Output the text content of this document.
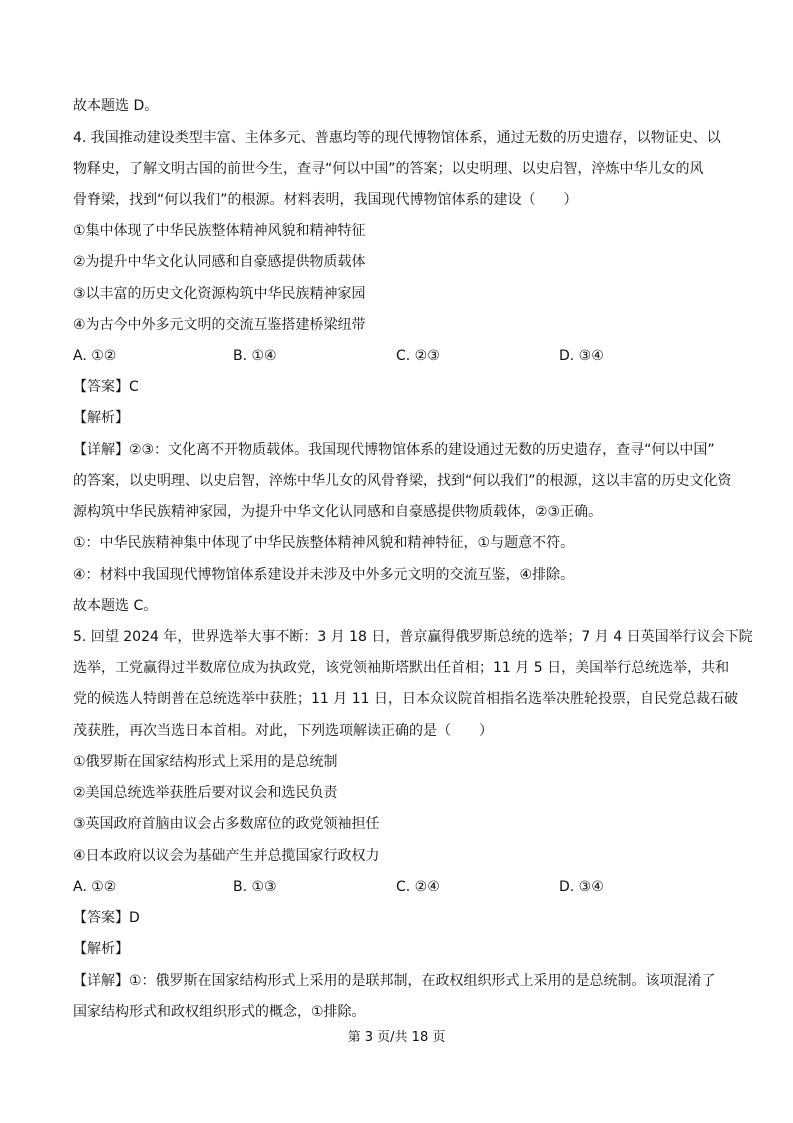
故本题选 D。
4. 我国推动建设类型丰富、主体多元、普惠均等的现代博物馆体系，通过无数的历史遗存，以物证史、以
物释史，了解文明古国的前世今生，查寻“何以中国”的答案；以史明理、以史启智，淬炼中华儿女的风
骨脊梁，找到“何以我们”的根源。材料表明，我国现代博物馆体系的建设（　　）
①集中体现了中华民族整体精神风貌和精神特征
②为提升中华文化认同感和自豪感提供物质载体
③以丰富的历史文化资源构筑中华民族精神家园
④为古今中外多元文明的交流互鉴搭建桥梁纽带
A. ①②	B. ①④	C. ②③	D. ③④
【答案】C
【解析】
【详解】②③：文化离不开物质载体。我国现代博物馆体系的建设通过无数的历史遗存，查寻“何以中国”
的答案，以史明理、以史启智，淬炼中华儿女的风骨脊梁，找到“何以我们”的根源，这以丰富的历史文化资
源构筑中华民族精神家园，为提升中华文化认同感和自豪感提供物质载体，②③正确。
①：中华民族精神集中体现了中华民族整体精神风貌和精神特征，①与题意不符。
④：材料中我国现代博物馆体系建设并未涉及中外多元文明的交流互鉴，④排除。
故本题选 C。
5. 回望 2024 年，世界选举大事不断：3 月 18 日，普京赢得俄罗斯总统的选举；7 月 4 日英国举行议会下院
选举，工党赢得过半数席位成为执政党，该党领袖斯塔默出任首相；11 月 5 日，美国举行总统选举，共和
党的候选人特朗普在总统选举中获胜；11 月 11 日，日本众议院首相指名选举决胜轮投票，自民党总裁石破
茂获胜，再次当选日本首相。对此，下列选项解读正确的是（　　）
①俄罗斯在国家结构形式上采用的是总统制
②美国总统选举获胜后要对议会和选民负责
③英国政府首脑由议会占多数席位的政党领袖担任
④日本政府以议会为基础产生并总揽国家行政权力
A. ①②	B. ①③	C. ②④	D. ③④
【答案】D
【解析】
【详解】①：俄罗斯在国家结构形式上采用的是联邦制，在政权组织形式上采用的是总统制。该项混淆了
国家结构形式和政权组织形式的概念，①排除。
第 3 页/共 18 页
